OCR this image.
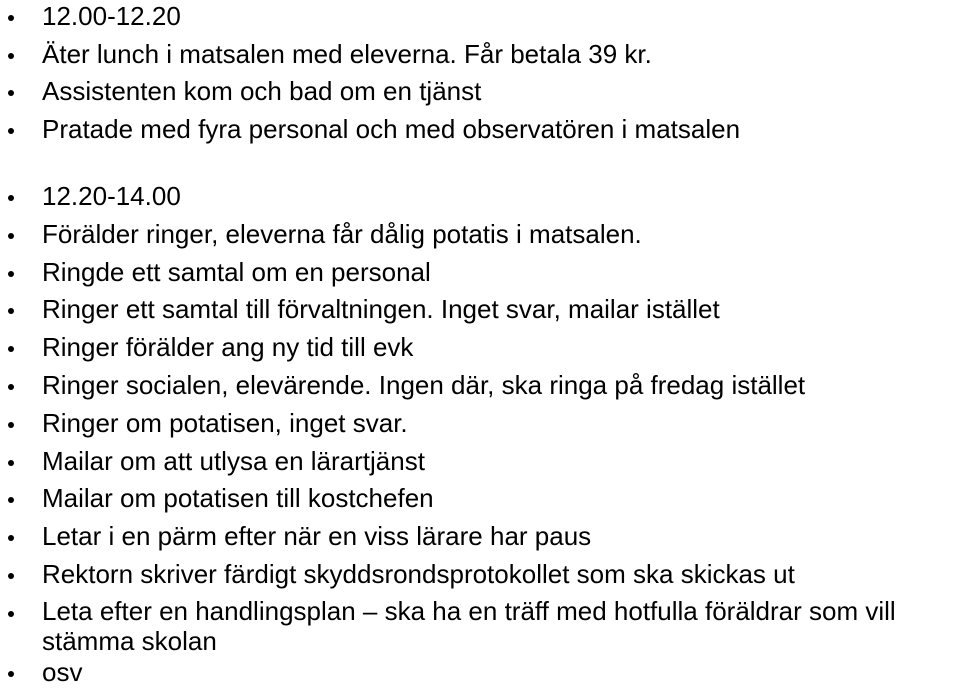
12.00-12.20
Äter lunch i matsalen med eleverna. Får betala 39 kr.
Assistenten kom och bad om en tjänst
Pratade med fyra personal och med observatören i matsalen
12.20-14.00
Förälder ringer, eleverna får dålig potatis i matsalen.
Ringde ett samtal om en personal
Ringer ett samtal till förvaltningen. Inget svar, mailar istället
Ringer förälder ang ny tid till evk
Ringer socialen, elevärende. Ingen där, ska ringa på fredag istället
Ringer om potatisen, inget svar.
Mailar om att utlysa en lärartjänst
Mailar om potatisen till kostchefen
Letar i en pärm efter när en viss lärare har paus
Rektorn skriver färdigt skyddsrondsprotokollet som ska skickas ut
Leta efter en handlingsplan – ska ha en träff med hotfulla föräldrar som vill stämma skolan
osv
